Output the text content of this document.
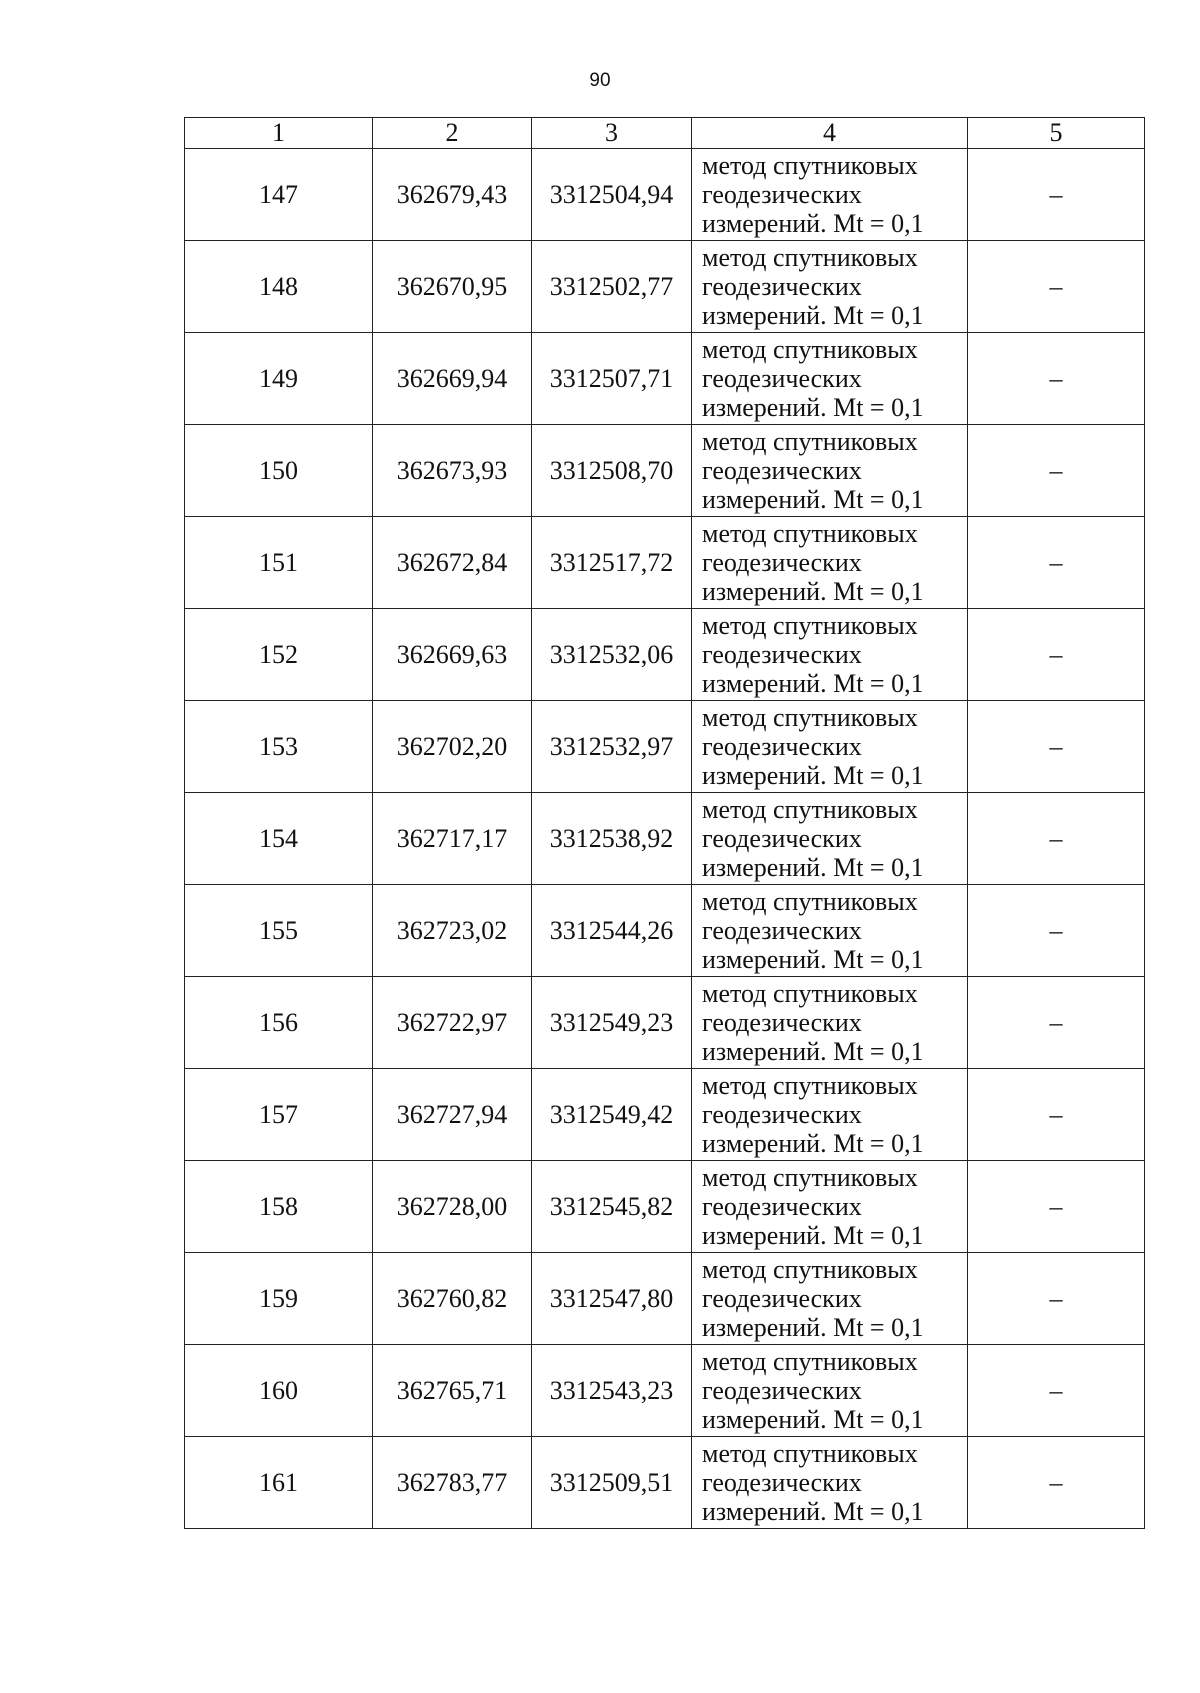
90
1	2	3	4	5
147	362679,43	3312504,94	метод спутниковых
геодезических
измерений. Mt = 0,1	–
148	362670,95	3312502,77	метод спутниковых
геодезических
измерений. Mt = 0,1	–
149	362669,94	3312507,71	метод спутниковых
геодезических
измерений. Mt = 0,1	–
150	362673,93	3312508,70	метод спутниковых
геодезических
измерений. Mt = 0,1	–
151	362672,84	3312517,72	метод спутниковых
геодезических
измерений. Mt = 0,1	–
152	362669,63	3312532,06	метод спутниковых
геодезических
измерений. Mt = 0,1	–
153	362702,20	3312532,97	метод спутниковых
геодезических
измерений. Mt = 0,1	–
154	362717,17	3312538,92	метод спутниковых
геодезических
измерений. Mt = 0,1	–
155	362723,02	3312544,26	метод спутниковых
геодезических
измерений. Mt = 0,1	–
156	362722,97	3312549,23	метод спутниковых
геодезических
измерений. Mt = 0,1	–
157	362727,94	3312549,42	метод спутниковых
геодезических
измерений. Mt = 0,1	–
158	362728,00	3312545,82	метод спутниковых
геодезических
измерений. Mt = 0,1	–
159	362760,82	3312547,80	метод спутниковых
геодезических
измерений. Mt = 0,1	–
160	362765,71	3312543,23	метод спутниковых
геодезических
измерений. Mt = 0,1	–
161	362783,77	3312509,51	метод спутниковых
геодезических
измерений. Mt = 0,1	–
